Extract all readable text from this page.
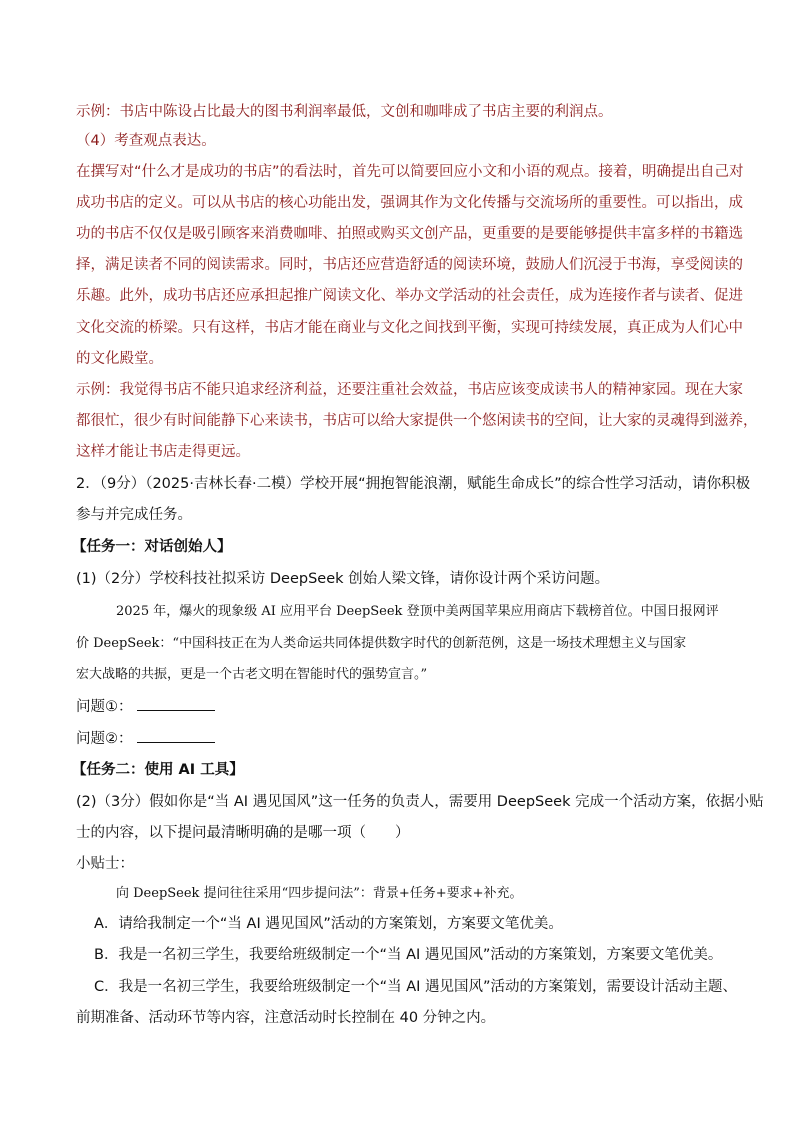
示例：书店中陈设占比最大的图书利润率最低，文创和咖啡成了书店主要的利润点。
（4）考查观点表达。
在撰写对“什么才是成功的书店”的看法时，首先可以简要回应小文和小语的观点。接着，明确提出自己对
成功书店的定义。可以从书店的核心功能出发，强调其作为文化传播与交流场所的重要性。可以指出，成
功的书店不仅仅是吸引顾客来消费咖啡、拍照或购买文创产品，更重要的是要能够提供丰富多样的书籍选
择，满足读者不同的阅读需求。同时，书店还应营造舒适的阅读环境，鼓励人们沉浸于书海，享受阅读的
乐趣。此外，成功书店还应承担起推广阅读文化、举办文学活动的社会责任，成为连接作者与读者、促进
文化交流的桥梁。只有这样，书店才能在商业与文化之间找到平衡，实现可持续发展，真正成为人们心中
的文化殿堂。
示例：我觉得书店不能只追求经济利益，还要注重社会效益，书店应该变成读书人的精神家园。现在大家
都很忙，很少有时间能静下心来读书，书店可以给大家提供一个悠闲读书的空间，让大家的灵魂得到滋养，
这样才能让书店走得更远。
2．（9分）（2025·吉林长春·二模）学校开展“拥抱智能浪潮，赋能生命成长”的综合性学习活动，请你积极
参与并完成任务。
【任务一：对话创始人】
(1)（2分）学校科技社拟采访 DeepSeek 创始人梁文锋，请你设计两个采访问题。
2025 年，爆火的现象级 AI 应用平台 DeepSeek 登顶中美两国苹果应用商店下载榜首位。中国日报网评
价 DeepSeek：“中国科技正在为人类命运共同体提供数字时代的创新范例，这是一场技术理想主义与国家
宏大战略的共振，更是一个古老文明在智能时代的强势宣言。”
问题①：
问题②：
【任务二：使用 AI 工具】
(2)（3分）假如你是“当 AI 遇见国风”这一任务的负责人，需要用 DeepSeek 完成一个活动方案，依据小贴
士的内容，以下提问最清晰明确的是哪一项（　　）
小贴士：
向 DeepSeek 提问往往采用“四步提问法”：背景+任务+要求+补充。
A．请给我制定一个“当 AI 遇见国风”活动的方案策划，方案要文笔优美。
B．我是一名初三学生，我要给班级制定一个“当 AI 遇见国风”活动的方案策划，方案要文笔优美。
C．我是一名初三学生，我要给班级制定一个“当 AI 遇见国风”活动的方案策划，需要设计活动主题、
前期准备、活动环节等内容，注意活动时长控制在 40 分钟之内。
